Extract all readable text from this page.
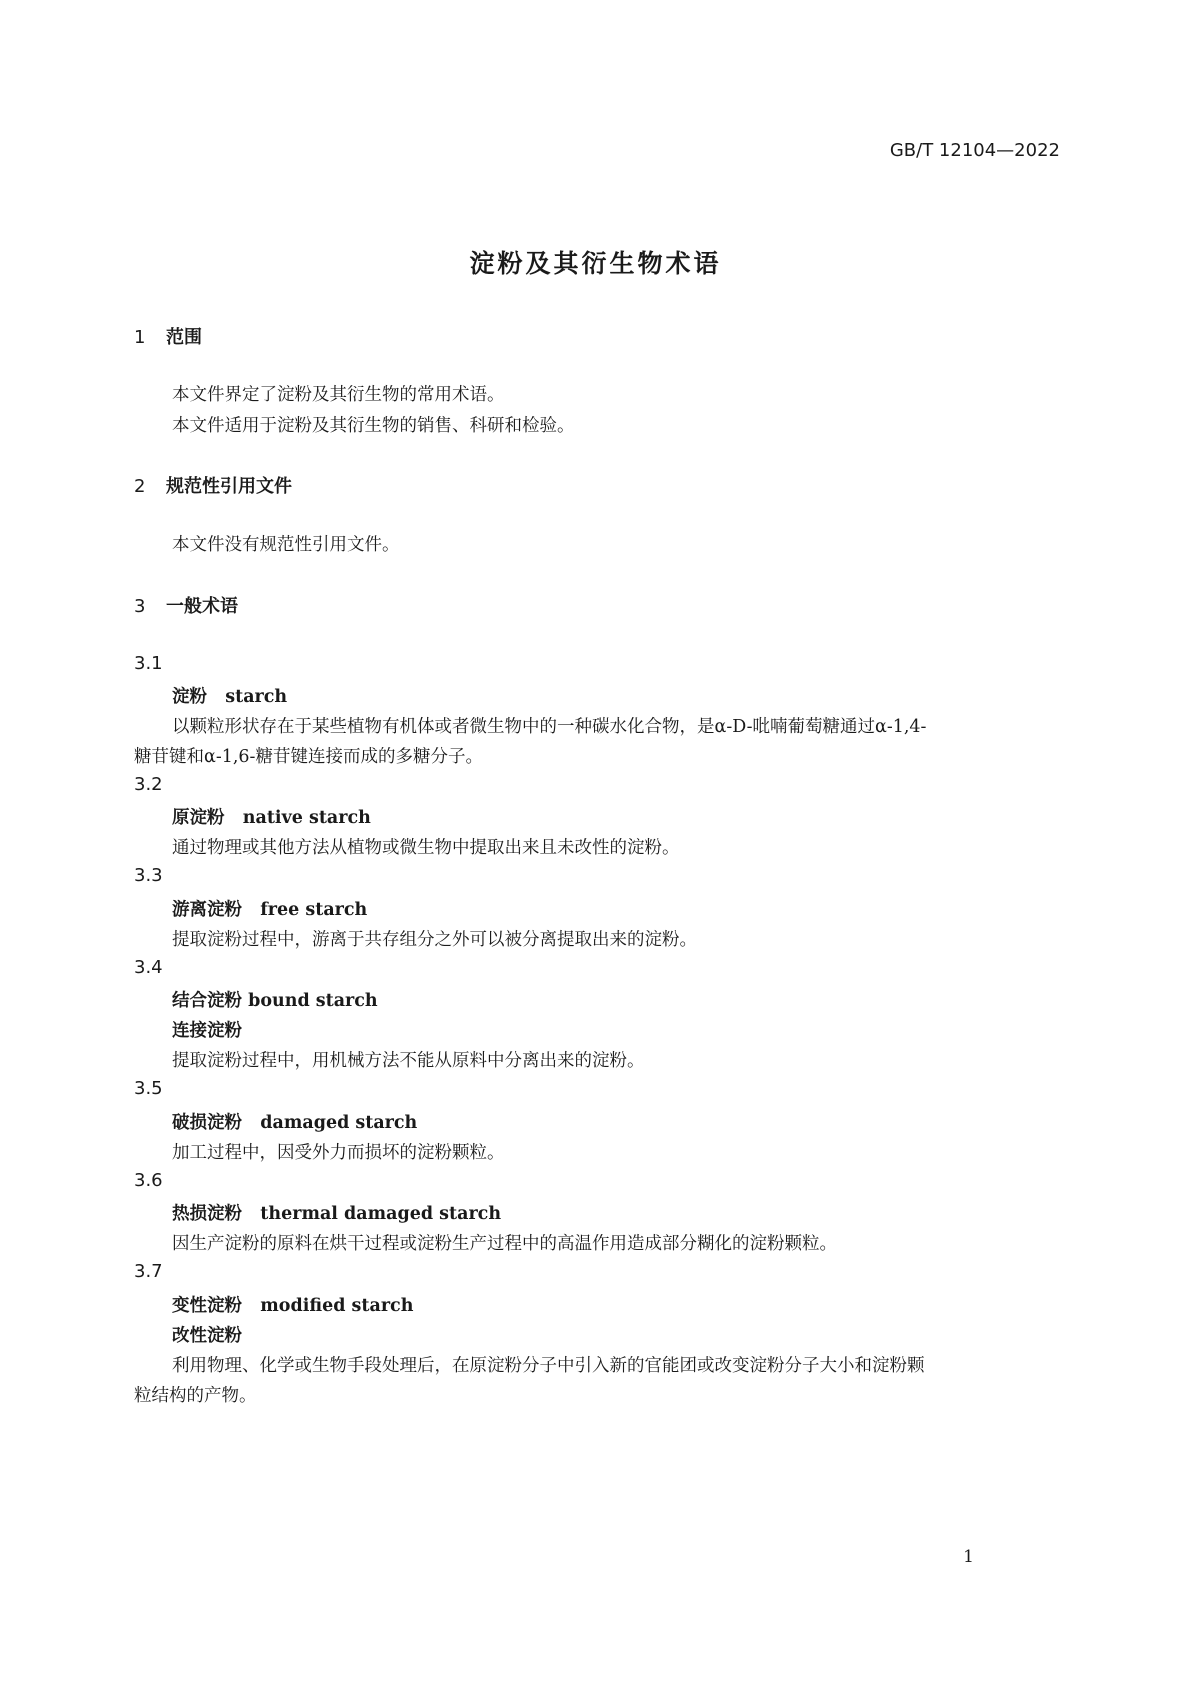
GB/T 12104—2022
淀粉及其衍生物术语
1 范围
本文件界定了淀粉及其衍生物的常用术语。
本文件适用于淀粉及其衍生物的销售、科研和检验。
2 规范性引用文件
本文件没有规范性引用文件。
3 一般术语
3.1
淀粉 starch
以颗粒形状存在于某些植物有机体或者微生物中的一种碳水化合物，是α-D-吡喃葡萄糖通过α-1,4-
糖苷键和α-1,6-糖苷键连接而成的多糖分子。
3.2
原淀粉 native starch
通过物理或其他方法从植物或微生物中提取出来且未改性的淀粉。
3.3
游离淀粉 free starch
提取淀粉过程中，游离于共存组分之外可以被分离提取出来的淀粉。
3.4
结合淀粉 bound starch
连接淀粉
提取淀粉过程中，用机械方法不能从原料中分离出来的淀粉。
3.5
破损淀粉 damaged starch
加工过程中，因受外力而损坏的淀粉颗粒。
3.6
热损淀粉 thermal damaged starch
因生产淀粉的原料在烘干过程或淀粉生产过程中的高温作用造成部分糊化的淀粉颗粒。
3.7
变性淀粉 modified starch
改性淀粉
利用物理、化学或生物手段处理后，在原淀粉分子中引入新的官能团或改变淀粉分子大小和淀粉颗
粒结构的产物。
1
